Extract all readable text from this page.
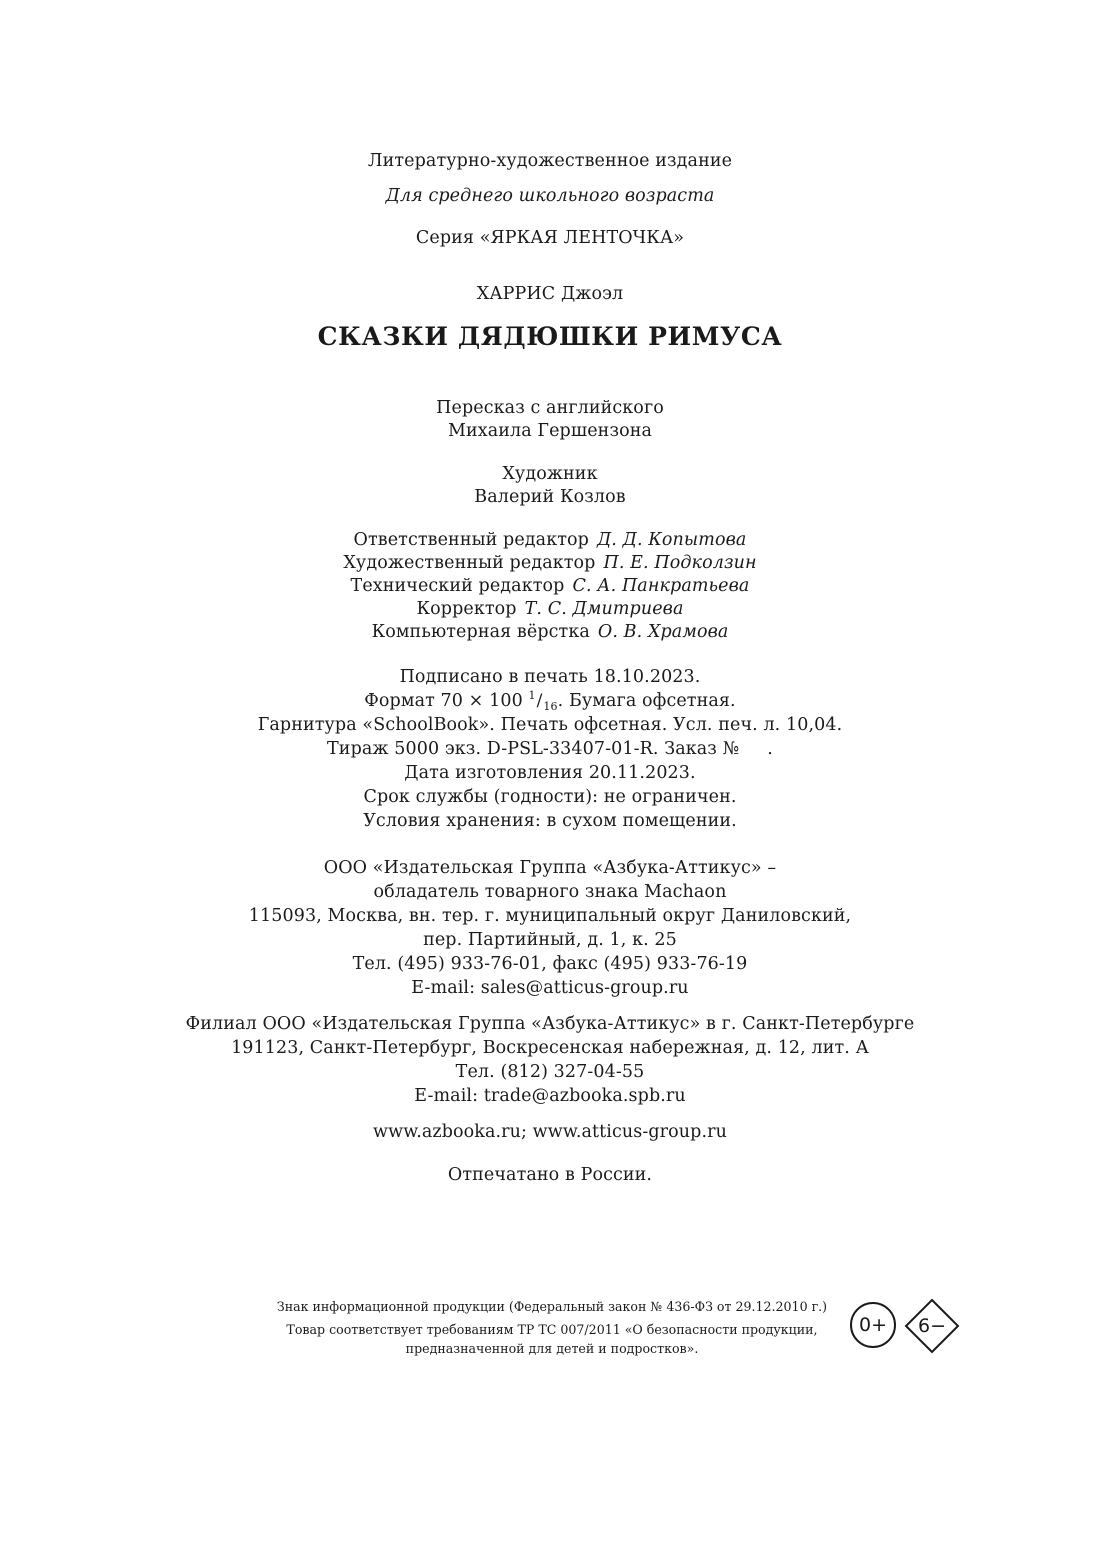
Литературно-художественное издание
Для среднего школьного возраста
Серия «ЯРКАЯ ЛЕНТОЧКА»
ХАРРИС Джоэл
СКАЗКИ ДЯДЮШКИ РИМУСА
Пересказ с английского
Михаила Гершензона
Художник
Валерий Козлов
Ответственный редактор Д. Д. Копытова
Художественный редактор П. Е. Подколзин
Технический редактор С. А. Панкратьева
Корректор Т. С. Дмитриева
Компьютерная вёрстка О. В. Храмова
Подписано в печать 18.10.2023.
Формат 70 × 100 $^1/_{16}$. Бумага офсетная.
Гарнитура «SchoolBook». Печать офсетная. Усл. печ. л. 10,04.
Тираж 5000 экз. D-PSL-33407-01-R. Заказ № .
Дата изготовления 20.11.2023.
Срок службы (годности): не ограничен.
Условия хранения: в сухом помещении.
ООО «Издательская Группа «Азбука-Аттикус» –
обладатель товарного знака Machaon
115093, Москва, вн. тер. г. муниципальный округ Даниловский,
пер. Партийный, д. 1, к. 25
Тел. (495) 933-76-01, факс (495) 933-76-19
E-mail: sales@atticus-group.ru
Филиал ООО «Издательская Группа «Азбука-Аттикус» в г. Санкт-Петербурге
191123, Санкт-Петербург, Воскресенская набережная, д. 12, лит. А
Тел. (812) 327-04-55
E-mail: trade@azbooka.spb.ru
www.azbooka.ru; www.atticus-group.ru
Отпечатано в России.
Знак информационной продукции (Федеральный закон № 436-ФЗ от 29.12.2010 г.)
Товар соответствует требованиям ТР ТС 007/2011 «О безопасности продукции,
предназначенной для детей и подростков».
0+	6−
